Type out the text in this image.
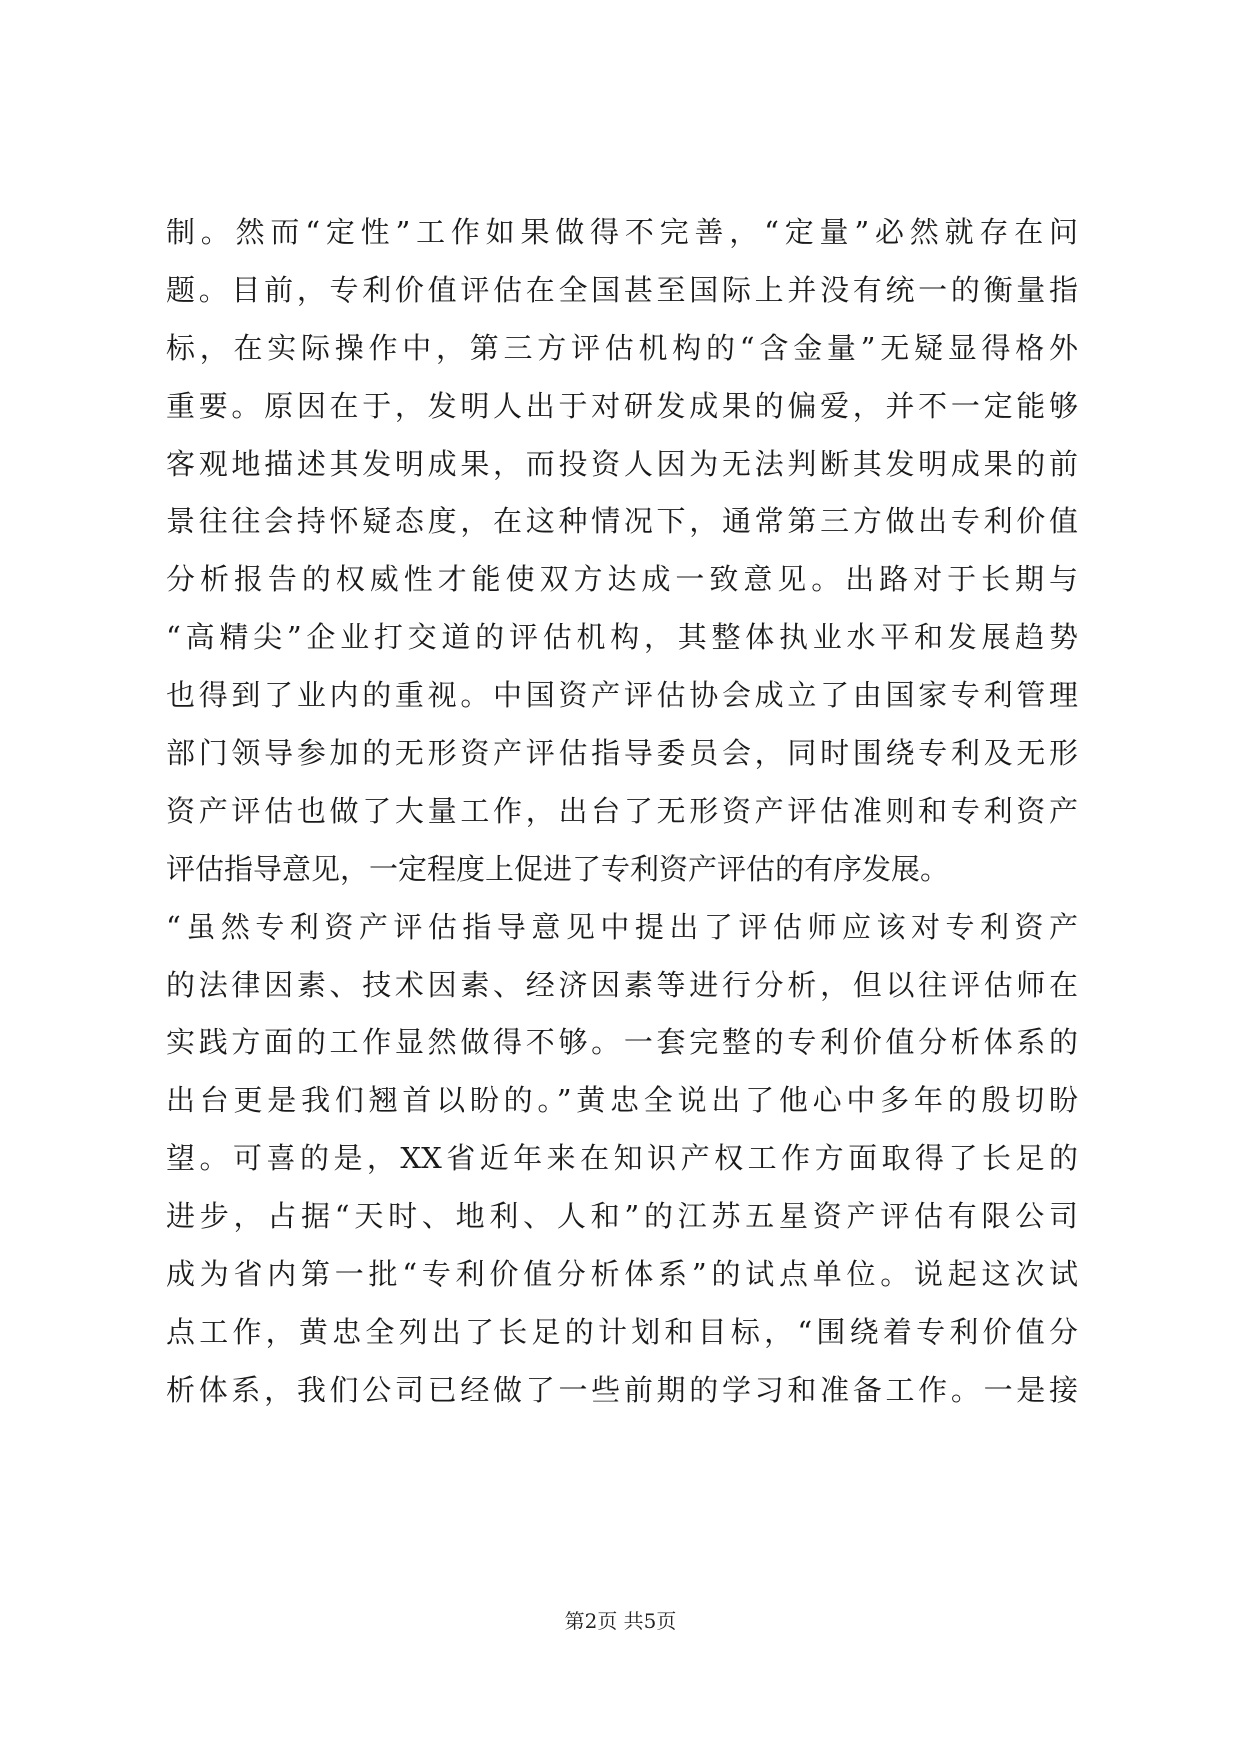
制。然而“定性”工作如果做得不完善，“定量”必然就存在问
题。目前，专利价值评估在全国甚至国际上并没有统一的衡量指
标，在实际操作中，第三方评估机构的“含金量”无疑显得格外
重要。原因在于，发明人出于对研发成果的偏爱，并不一定能够
客观地描述其发明成果，而投资人因为无法判断其发明成果的前
景往往会持怀疑态度，在这种情况下，通常第三方做出专利价值
分析报告的权威性才能使双方达成一致意见。出路对于长期与
“高精尖”企业打交道的评估机构，其整体执业水平和发展趋势
也得到了业内的重视。中国资产评估协会成立了由国家专利管理
部门领导参加的无形资产评估指导委员会，同时围绕专利及无形
资产评估也做了大量工作，出台了无形资产评估准则和专利资产
评估指导意见，一定程度上促进了专利资产评估的有序发展。
“虽然专利资产评估指导意见中提出了评估师应该对专利资产
的法律因素、技术因素、经济因素等进行分析，但以往评估师在
实践方面的工作显然做得不够。一套完整的专利价值分析体系的
出台更是我们翘首以盼的。”黄忠全说出了他心中多年的殷切盼
望。可喜的是，XX省近年来在知识产权工作方面取得了长足的
进步，占据“天时、地利、人和”的江苏五星资产评估有限公司
成为省内第一批“专利价值分析体系”的试点单位。说起这次试
点工作，黄忠全列出了长足的计划和目标，“围绕着专利价值分
析体系，我们公司已经做了一些前期的学习和准备工作。一是接
第2页 共5页
